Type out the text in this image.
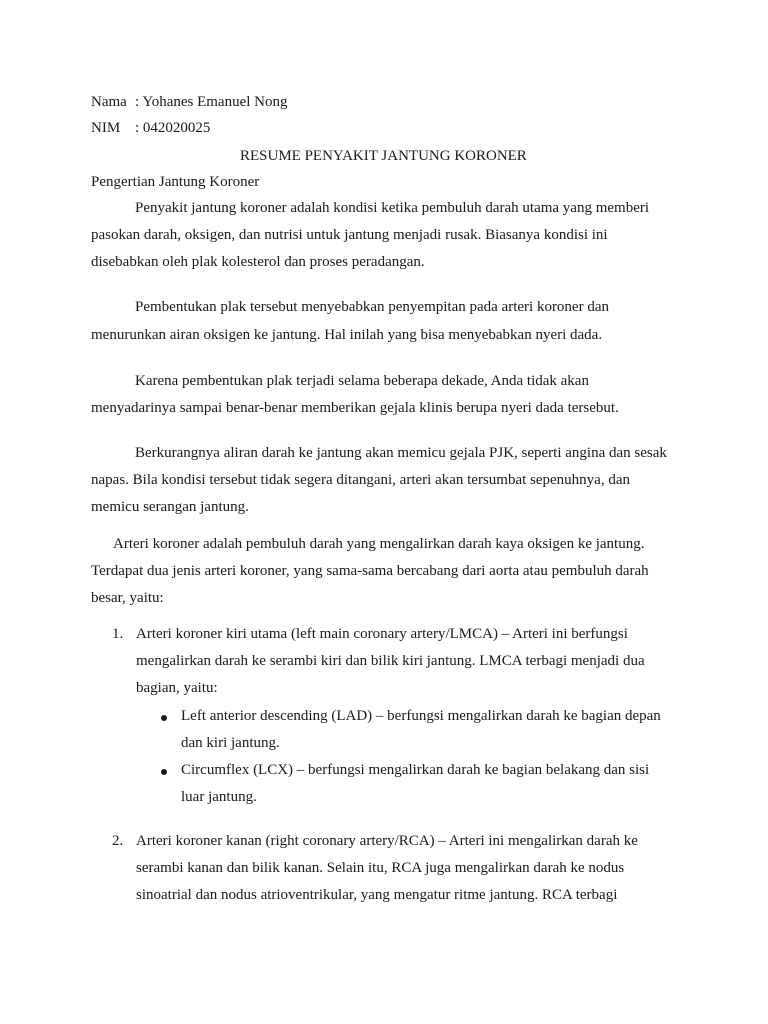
Nama : Yohanes Emanuel Nong
NIM : 042020025
RESUME PENYAKIT JANTUNG KORONER
Pengertian Jantung Koroner
Penyakit jantung koroner adalah kondisi ketika pembuluh darah utama yang memberi
pasokan darah, oksigen, dan nutrisi untuk jantung menjadi rusak. Biasanya kondisi ini
disebabkan oleh plak kolesterol dan proses peradangan.
Pembentukan plak tersebut menyebabkan penyempitan pada arteri koroner dan
menurunkan airan oksigen ke jantung. Hal inilah yang bisa menyebabkan nyeri dada.
Karena pembentukan plak terjadi selama beberapa dekade, Anda tidak akan
menyadarinya sampai benar-benar memberikan gejala klinis berupa nyeri dada tersebut.
Berkurangnya aliran darah ke jantung akan memicu gejala PJK, seperti angina dan sesak
napas. Bila kondisi tersebut tidak segera ditangani, arteri akan tersumbat sepenuhnya, dan
memicu serangan jantung.
Arteri koroner adalah pembuluh darah yang mengalirkan darah kaya oksigen ke jantung.
Terdapat dua jenis arteri koroner, yang sama-sama bercabang dari aorta atau pembuluh darah
besar, yaitu:
1. Arteri koroner kiri utama (left main coronary artery/LMCA) – Arteri ini berfungsi
mengalirkan darah ke serambi kiri dan bilik kiri jantung. LMCA terbagi menjadi dua
bagian, yaitu:
Left anterior descending (LAD) – berfungsi mengalirkan darah ke bagian depan
dan kiri jantung.
Circumflex (LCX) – berfungsi mengalirkan darah ke bagian belakang dan sisi
luar jantung.
2. Arteri koroner kanan (right coronary artery/RCA) – Arteri ini mengalirkan darah ke
serambi kanan dan bilik kanan. Selain itu, RCA juga mengalirkan darah ke nodus
sinoatrial dan nodus atrioventrikular, yang mengatur ritme jantung. RCA terbagi
